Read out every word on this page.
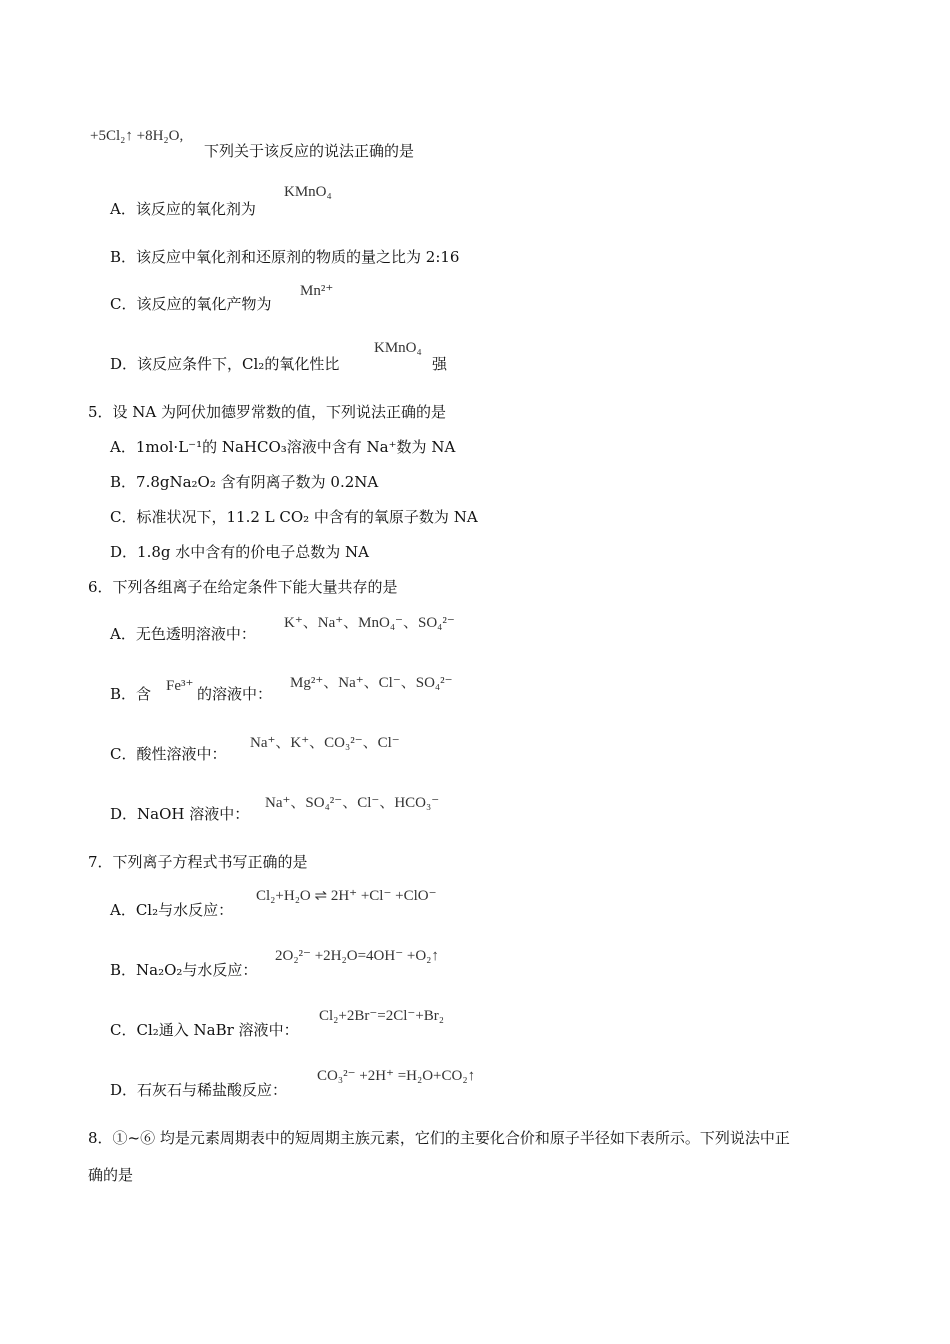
+5Cl₂↑ +8H₂O,
下列关于该反应的说法正确的是
A．该反应的氧化剂为
KMnO₄
B．该反应中氧化剂和还原剂的物质的量之比为 2:16
C．该反应的氧化产物为
Mn²⁺
D．该反应条件下，Cl₂的氧化性比
KMnO₄
强
5．设 NA 为阿伏加德罗常数的值，下列说法正确的是
A．1mol·L⁻¹的 NaHCO₃溶液中含有 Na⁺数为 NA
B．7.8gNa₂O₂ 含有阴离子数为 0.2NA
C．标准状况下，11.2 L CO₂ 中含有的氧原子数为 NA
D．1.8g 水中含有的价电子总数为 NA
6．下列各组离子在给定条件下能大量共存的是
A．无色透明溶液中：
K⁺、Na⁺、MnO₄⁻、SO₄²⁻
B．含 Fe³⁺ 的溶液中：
Mg²⁺、Na⁺、Cl⁻、SO₄²⁻
C．酸性溶液中：
Na⁺、K⁺、CO₃²⁻、Cl⁻
D．NaOH 溶液中：
Na⁺、SO₄²⁻、Cl⁻、HCO₃⁻
7．下列离子方程式书写正确的是
A．Cl₂与水反应：
Cl₂+H₂O ⇌ 2H⁺ +Cl⁻ +ClO⁻
B．Na₂O₂与水反应：
2O₂²⁻ +2H₂O=4OH⁻ +O₂↑
C．Cl₂通入 NaBr 溶液中：
Cl₂+2Br⁻=2Cl⁻+Br₂
D．石灰石与稀盐酸反应：
CO₃²⁻ +2H⁺ =H₂O+CO₂↑
8．①~⑥ 均是元素周期表中的短周期主族元素，它们的主要化合价和原子半径如下表所示。下列说法中正
确的是
